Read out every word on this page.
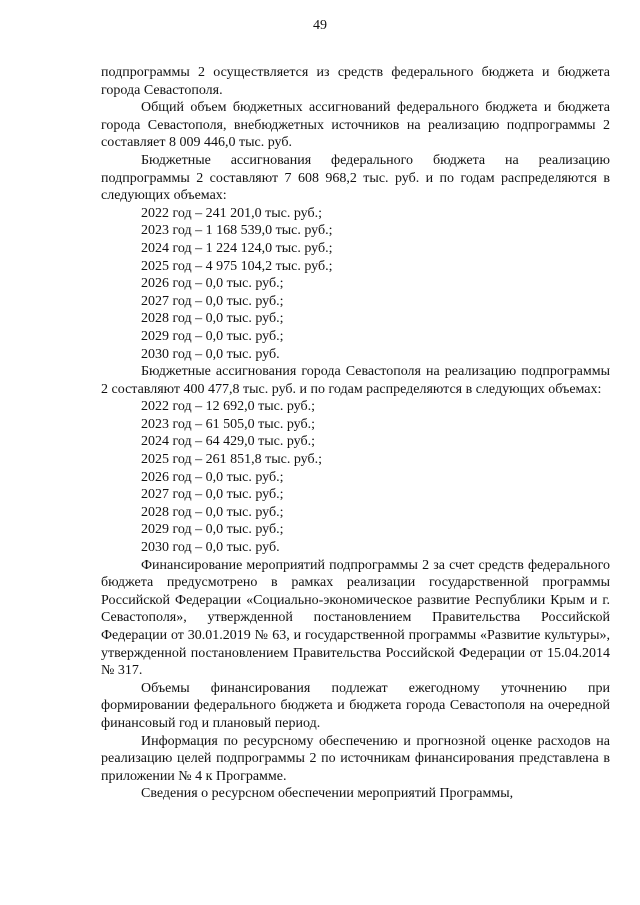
49

подпрограммы 2 осуществляется из средств федерального бюджета и бюджета города Севастополя.

Общий объем бюджетных ассигнований федерального бюджета и бюджета города Севастополя, внебюджетных источников на реализацию подпрограммы 2 составляет 8 009 446,0 тыс. руб.

Бюджетные ассигнования федерального бюджета на реализацию подпрограммы 2 составляют 7 608 968,2 тыс. руб. и по годам распределяются в следующих объемах:

2022 год – 241 201,0 тыс. руб.;
2023 год – 1 168 539,0 тыс. руб.;
2024 год – 1 224 124,0 тыс. руб.;
2025 год – 4 975 104,2 тыс. руб.;
2026 год – 0,0 тыс. руб.;
2027 год – 0,0 тыс. руб.;
2028 год – 0,0 тыс. руб.;
2029 год – 0,0 тыс. руб.;
2030 год – 0,0 тыс. руб.

Бюджетные ассигнования города Севастополя на реализацию подпрограммы 2 составляют 400 477,8 тыс. руб. и по годам распределяются в следующих объемах:

2022 год – 12 692,0 тыс. руб.;
2023 год – 61 505,0 тыс. руб.;
2024 год – 64 429,0 тыс. руб.;
2025 год – 261 851,8 тыс. руб.;
2026 год – 0,0 тыс. руб.;
2027 год – 0,0 тыс. руб.;
2028 год – 0,0 тыс. руб.;
2029 год – 0,0 тыс. руб.;
2030 год – 0,0 тыс. руб.

Финансирование мероприятий подпрограммы 2 за счет средств федерального бюджета предусмотрено в рамках реализации государственной программы Российской Федерации «Социально-экономическое развитие Республики Крым и г. Севастополя», утвержденной постановлением Правительства Российской Федерации от 30.01.2019 № 63, и государственной программы «Развитие культуры», утвержденной постановлением Правительства Российской Федерации от 15.04.2014 № 317.

Объемы финансирования подлежат ежегодному уточнению при формировании федерального бюджета и бюджета города Севастополя на очередной финансовый год и плановый период.

Информация по ресурсному обеспечению и прогнозной оценке расходов на реализацию целей подпрограммы 2 по источникам финансирования представлена в приложении № 4 к Программе.

Сведения о ресурсном обеспечении мероприятий Программы,
